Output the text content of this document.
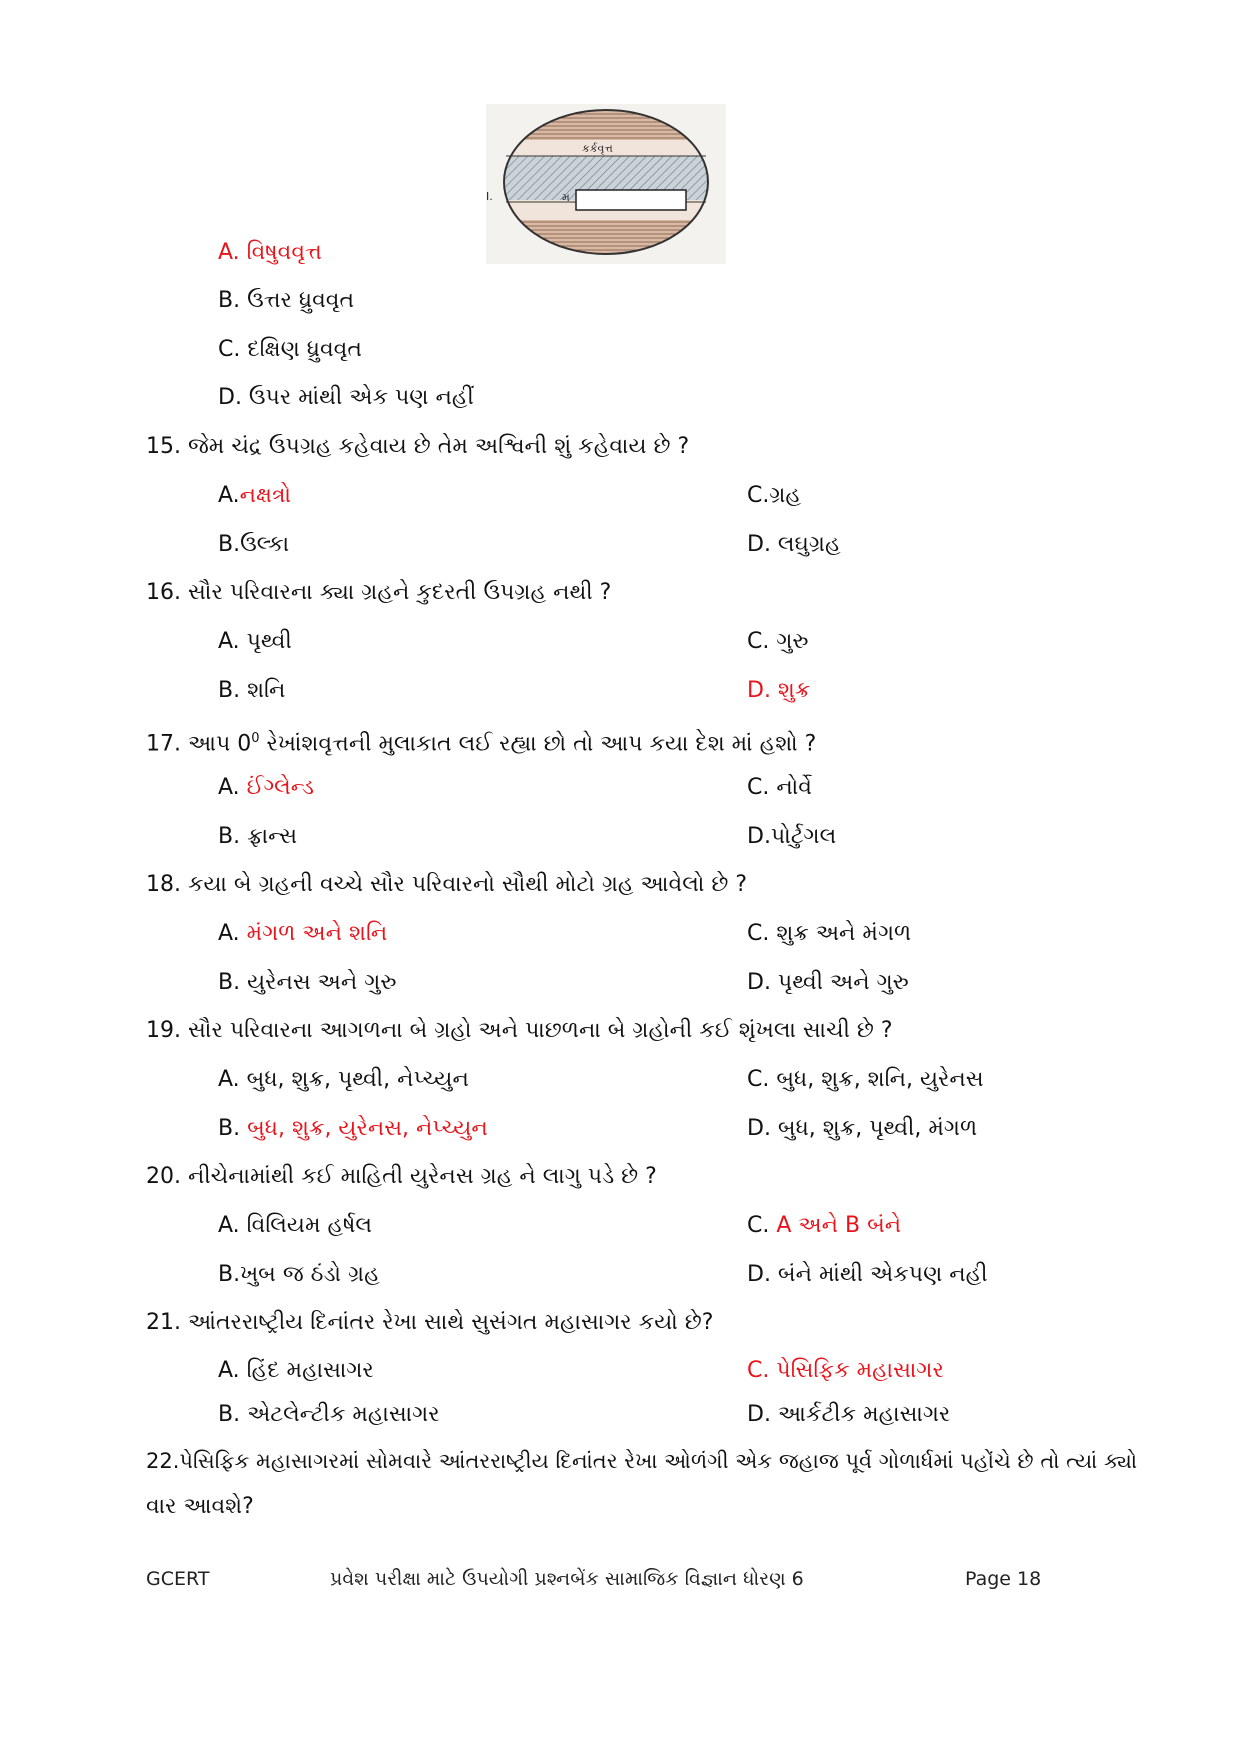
કર્કવૃત્ત
I.	મ
A. વિષુવવૃત્ત
B. ઉત્તર ધ્રુવવૃત
C. દક્ષિણ ધ્રુવવૃત
D. ઉપર માંથી એક પણ નહીં
15. જેમ ચંદ્ર ઉપગ્રહ કહેવાય છે તેમ અશ્વિની શું કહેવાય છે ?
A.નક્ષત્રો	C.ગ્રહ
B.ઉલ્કા	D. લઘુગ્રહ
16. સૌર પરિવારના ક્યા ગ્રહને કુદરતી ઉપગ્રહ નથી ?
A. પૃથ્વી	C. ગુરુ
B. શનિ	D. શુક્ર
17. આપ $0^0$ રેખાંશવૃત્તની મુલાકાત લઈ રહ્યા છો તો આપ કયા દેશ માં હશો ?
A. ઈંગ્લેન્ડ	C. નોર્વે
B. ફ્રાન્સ	D.પોર્ટુગલ
18. કયા બે ગ્રહની વચ્ચે સૌર પરિવારનો સૌથી મોટો ગ્રહ આવેલો છે ?
A. મંગળ અને શનિ	C. શુક્ર અને મંગળ
B. યુરેનસ અને ગુરુ	D. પૃથ્વી અને ગુરુ
19. સૌર પરિવારના આગળના બે ગ્રહો અને પાછળના બે ગ્રહોની કઈ શૃંખલા સાચી છે ?
A. બુધ, શુક્ર, પૃથ્વી, નેપ્ચ્યુન	C. બુધ, શુક્ર, શનિ, યુરેનસ
B. બુધ, શુક્ર, યુરેનસ, નેપ્ચ્યુન	D. બુધ, શુક્ર, પૃથ્વી, મંગળ
20. નીચેનામાંથી કઈ માહિતી યુરેનસ ગ્રહ ને લાગુ પડે છે ?
A. વિલિયમ હર્ષલ	C. A અને B બંને
B.ખુબ જ ઠંડો ગ્રહ	D. બંને માંથી એકપણ નહી
21. આંતરરાષ્ટ્રીય દિનાંતર રેખા સાથે સુસંગત મહાસાગર કયો છે?
A. હિંદ મહાસાગર	C. પેસિફિક મહાસાગર
B. એટલેન્ટીક મહાસાગર	D. આર્કટીક મહાસાગર
22.પેસિફિક મહાસાગરમાં સોમવારે આંતરરાષ્ટ્રીય દિનાંતર રેખા ઓળંગી એક જહાજ પૂર્વ ગોળાર્ધમાં પહોંચે છે તો ત્યાં ક્યો
વાર આવશે?
GCERT	પ્રવેશ પરીક્ષા માટે ઉપયોગી પ્રશ્નબેંક સામાજિક વિજ્ઞાન ધોરણ 6	Page 18
